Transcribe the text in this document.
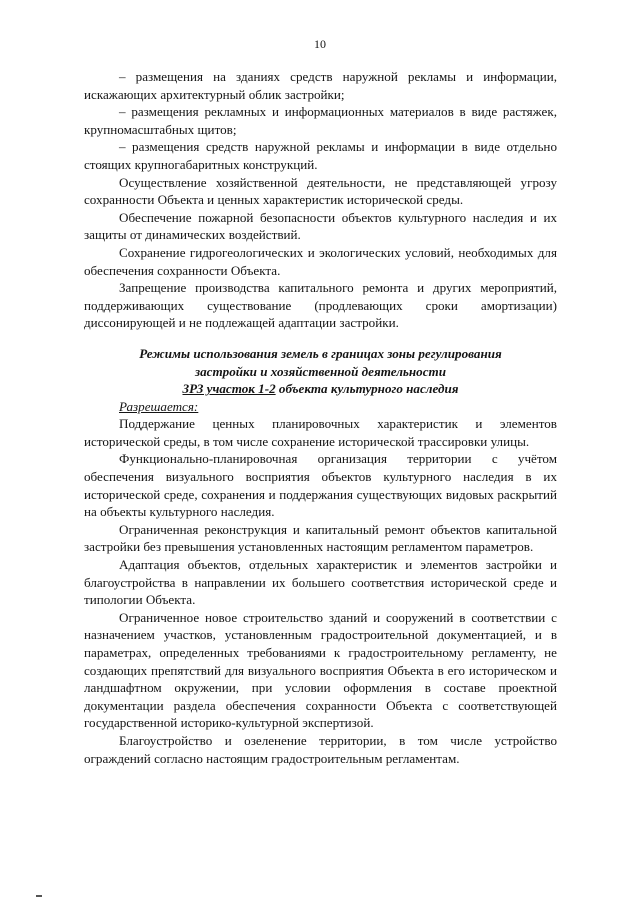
10

– размещения на зданиях средств наружной рекламы и информации, искажающих архитектурный облик застройки;

– размещения рекламных и информационных материалов в виде растяжек, крупномасштабных щитов;

– размещения средств наружной рекламы и информации в виде отдельно стоящих крупногабаритных конструкций.

Осуществление хозяйственной деятельности, не представляющей угрозу сохранности Объекта и ценных характеристик исторической среды.

Обеспечение пожарной безопасности объектов культурного наследия и их защиты от динамических воздействий.

Сохранение гидрогеологических и экологических условий, необходимых для обеспечения сохранности Объекта.

Запрещение производства капитального ремонта и других мероприятий, поддерживающих существование (продлевающих сроки амортизации) диссонирующей и не подлежащей адаптации застройки.

Режимы использования земель в границах зоны регулирования
застройки и хозяйственной деятельности
ЗРЗ участок 1-2 объекта культурного наследия

Разрешается:

Поддержание ценных планировочных характеристик и элементов исторической среды, в том числе сохранение исторической трассировки улицы.

Функционально-планировочная организация территории с учётом обеспечения визуального восприятия объектов культурного наследия в их исторической среде, сохранения и поддержания существующих видовых раскрытий на объекты культурного наследия.

Ограниченная реконструкция и капитальный ремонт объектов капитальной застройки без превышения установленных настоящим регламентом параметров.

Адаптация объектов, отдельных характеристик и элементов застройки и благоустройства в направлении их большего соответствия исторической среде и типологии Объекта.

Ограниченное новое строительство зданий и сооружений в соответствии с назначением участков, установленным градостроительной документацией, и в параметрах, определенных требованиями к градостроительному регламенту, не создающих препятствий для визуального восприятия Объекта в его историческом и ландшафтном окружении, при условии оформления в составе проектной документации раздела обеспечения сохранности Объекта с соответствующей государственной историко-культурной экспертизой.

Благоустройство и озеленение территории, в том числе устройство ограждений согласно настоящим градостроительным регламентам.
